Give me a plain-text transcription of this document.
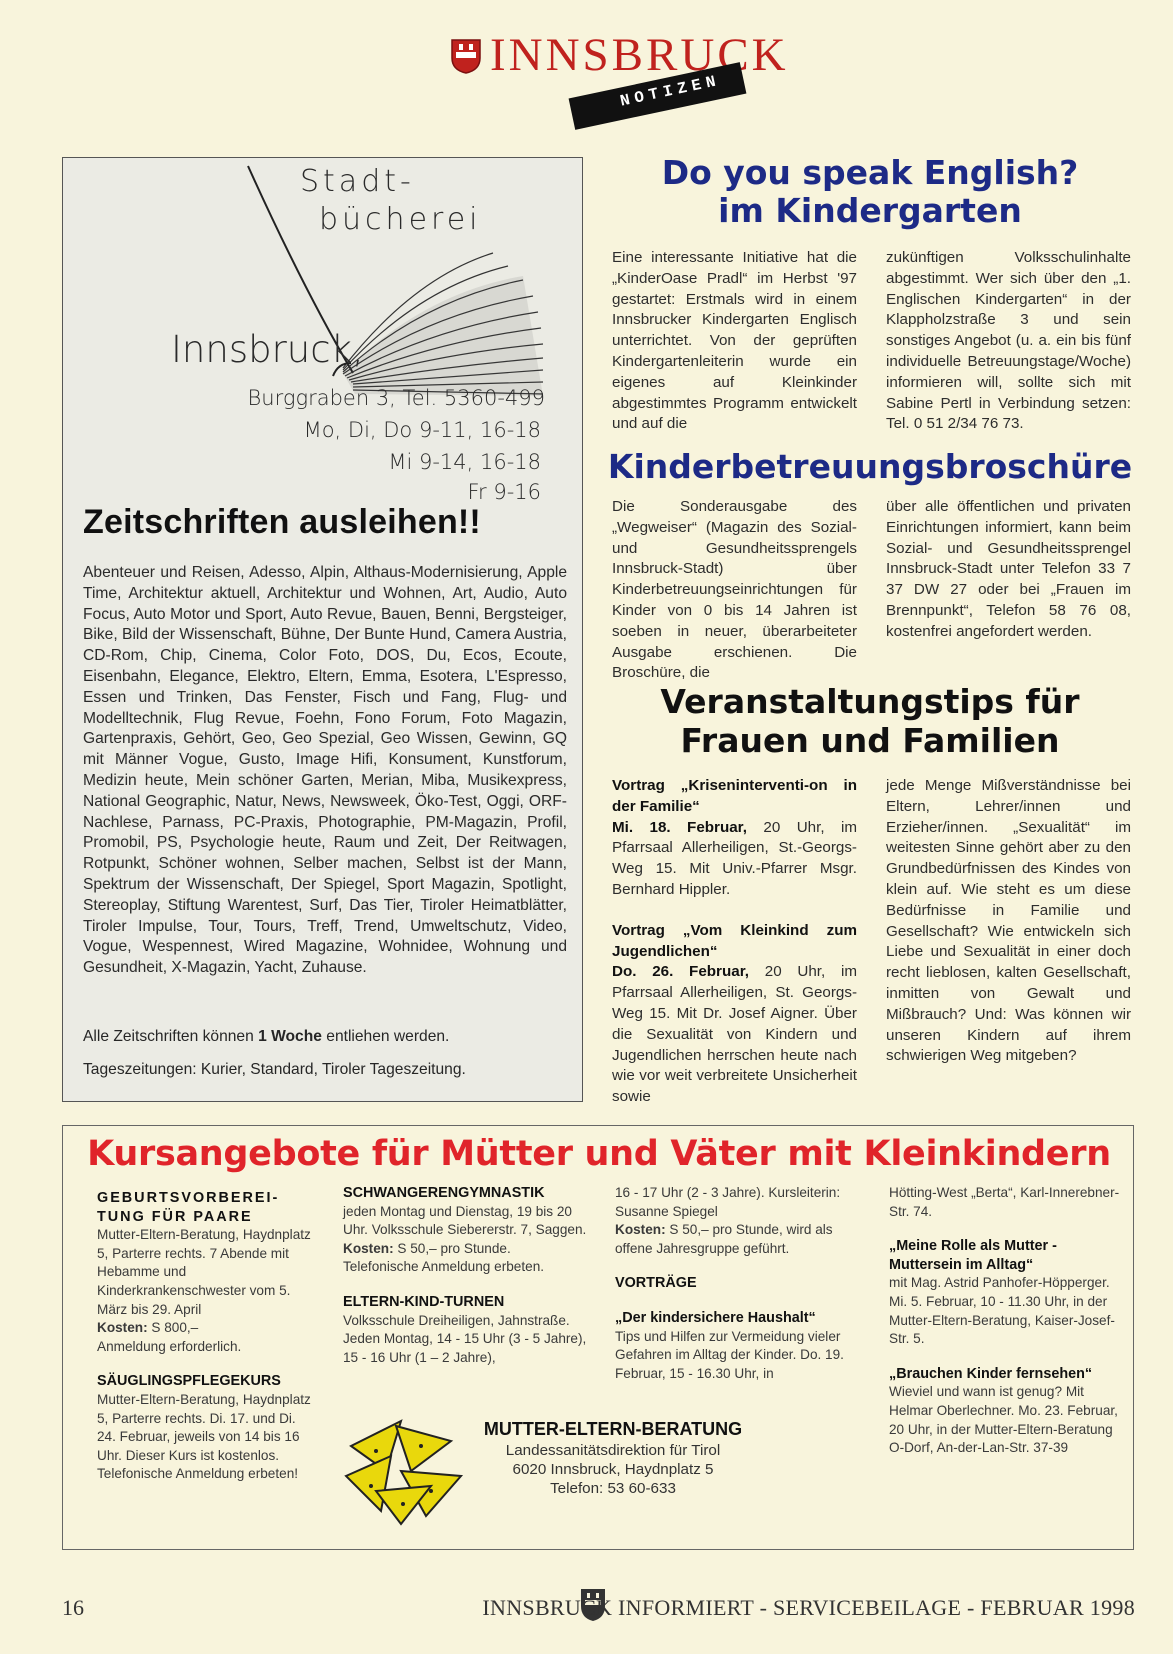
INNSBRUCK
NOTIZEN
Stadt-
bücherei
Innsbruck,
Burggraben 3, Tel. 5360-499
Mo, Di, Do 9-11, 16-18
Mi 9-14, 16-18
Fr 9-16
Zeitschriften ausleihen!!
Abenteuer und Reisen, Adesso, Alpin, Althaus-Modernisierung, Apple Time, Architektur aktuell, Architektur und Wohnen, Art, Audio, Auto Focus, Auto Motor und Sport, Auto Revue, Bauen, Benni, Bergsteiger, Bike, Bild der Wissenschaft, Bühne, Der Bunte Hund, Camera Austria, CD-Rom, Chip, Cinema, Color Foto, DOS, Du, Ecos, Ecoute, Eisenbahn, Elegance, Elektro, Eltern, Emma, Esotera, L'Espresso, Essen und Trinken, Das Fenster, Fisch und Fang, Flug- und Modelltechnik, Flug Revue, Foehn, Fono Forum, Foto Magazin, Gartenpraxis, Gehört, Geo, Geo Spezial, Geo Wissen, Gewinn, GQ mit Männer Vogue, Gusto, Image Hifi, Konsument, Kunstforum, Medizin heute, Mein schöner Garten, Merian, Miba, Musikexpress, National Geographic, Natur, News, Newsweek, Öko-Test, Oggi, ORF-Nachlese, Parnass, PC-Praxis, Photographie, PM-Magazin, Profil, Promobil, PS, Psychologie heute, Raum und Zeit, Der Reitwagen, Rotpunkt, Schöner wohnen, Selber machen, Selbst ist der Mann, Spektrum der Wissenschaft, Der Spiegel, Sport Magazin, Spotlight, Stereoplay, Stiftung Warentest, Surf, Das Tier, Tiroler Heimatblätter, Tiroler Impulse, Tour, Tours, Treff, Trend, Umweltschutz, Video, Vogue, Wespennest, Wired Magazine, Wohnidee, Wohnung und Gesundheit, X-Magazin, Yacht, Zuhause.
Alle Zeitschriften können 1 Woche entliehen werden.
Tageszeitungen: Kurier, Standard, Tiroler Tageszeitung.
Do you speak English?
im Kindergarten
Eine interessante Initiative hat die „KinderOase Pradl“ im Herbst '97 gestartet: Erstmals wird in einem Innsbrucker Kindergarten Englisch unterrichtet. Von der geprüften Kindergartenleiterin wurde ein eigenes auf Kleinkinder abgestimmtes Programm entwickelt und auf die
zukünftigen Volksschulinhalte abgestimmt. Wer sich über den „1. Englischen Kindergarten“ in der Klappholzstraße 3 und sein sonstiges Angebot (u. a. ein bis fünf individuelle Betreuungstage/Woche) informieren will, sollte sich mit Sabine Pertl in Verbindung setzen: Tel. 0 51 2/34 76 73.
Kinderbetreuungsbroschüre
Die Sonderausgabe des „Wegweiser“ (Magazin des Sozial- und Gesundheitssprengels Innsbruck-Stadt) über Kinderbetreuungseinrichtungen für Kinder von 0 bis 14 Jahren ist soeben in neuer, überarbeiteter Ausgabe erschienen. Die Broschüre, die
über alle öffentlichen und privaten Einrichtungen informiert, kann beim Sozial- und Gesundheitssprengel Innsbruck-Stadt unter Telefon 33 7 37 DW 27 oder bei „Frauen im Brennpunkt“, Telefon 58 76 08, kostenfrei angefordert werden.
Veranstaltungstips für
Frauen und Familien
Vortrag „Kriseninterventi-on in der Familie“
Mi. 18. Februar, 20 Uhr, im Pfarrsaal Allerheiligen, St.-Georgs-Weg 15. Mit Univ.-Pfarrer Msgr. Bernhard Hippler.
Vortrag „Vom Kleinkind zum Jugendlichen“
Do. 26. Februar, 20 Uhr, im Pfarrsaal Allerheiligen, St. Georgs-Weg 15. Mit Dr. Josef Aigner. Über die Sexualität von Kindern und Jugendlichen herrschen heute nach wie vor weit verbreitete Unsicherheit sowie
jede Menge Mißverständnisse bei Eltern, Lehrer/innen und Erzieher/innen. „Sexualität“ im weitesten Sinne gehört aber zu den Grundbedürfnissen des Kindes von klein auf. Wie steht es um diese Bedürfnisse in Familie und Gesellschaft? Wie entwickeln sich Liebe und Sexualität in einer doch recht lieblosen, kalten Gesellschaft, inmitten von Gewalt und Mißbrauch? Und: Was können wir unseren Kindern auf ihrem schwierigen Weg mitgeben?
Kursangebote für Mütter und Väter mit Kleinkindern
GEBURTSVORBEREI-TUNG FÜR PAARE
Mutter-Eltern-Beratung, Haydnplatz 5, Parterre rechts. 7 Abende mit Hebamme und Kinderkrankenschwester vom 5. März bis 29. April
Kosten: S 800,–
Anmeldung erforderlich.
SÄUGLINGSPFLEGEKURS
Mutter-Eltern-Beratung, Haydnplatz 5, Parterre rechts. Di. 17. und Di. 24. Februar, jeweils von 14 bis 16 Uhr. Dieser Kurs ist kostenlos. Telefonische Anmeldung erbeten!
SCHWANGERENGYMNASTIK
jeden Montag und Dienstag, 19 bis 20 Uhr. Volksschule Siebererstr. 7, Saggen.
Kosten: S 50,– pro Stunde.
Telefonische Anmeldung erbeten.
ELTERN-KIND-TURNEN
Volksschule Dreiheiligen, Jahnstraße. Jeden Montag, 14 - 15 Uhr (3 - 5 Jahre), 15 - 16 Uhr (1 – 2 Jahre),
16 - 17 Uhr (2 - 3 Jahre). Kursleiterin: Susanne Spiegel
Kosten: S 50,– pro Stunde, wird als offene Jahresgruppe geführt.
VORTRÄGE
„Der kindersichere Haushalt“
Tips und Hilfen zur Vermeidung vieler Gefahren im Alltag der Kinder. Do. 19. Februar, 15 - 16.30 Uhr, in
Hötting-West „Berta“, Karl-Innerebner-Str. 74.
„Meine Rolle als Mutter - Muttersein im Alltag“
mit Mag. Astrid Panhofer-Höpperger. Mi. 5. Februar, 10 - 11.30 Uhr, in der Mutter-Eltern-Beratung, Kaiser-Josef-Str. 5.
„Brauchen Kinder fernsehen“
Wieviel und wann ist genug? Mit Helmar Oberlechner. Mo. 23. Februar, 20 Uhr, in der Mutter-Eltern-Beratung O-Dorf, An-der-Lan-Str. 37-39
MUTTER-ELTERN-BERATUNG
Landessanitätsdirektion für Tirol
6020 Innsbruck, Haydnplatz 5
Telefon: 53 60-633
16	INNSBRUCK INFORMIERT - SERVICEBEILAGE - FEBRUAR 1998
